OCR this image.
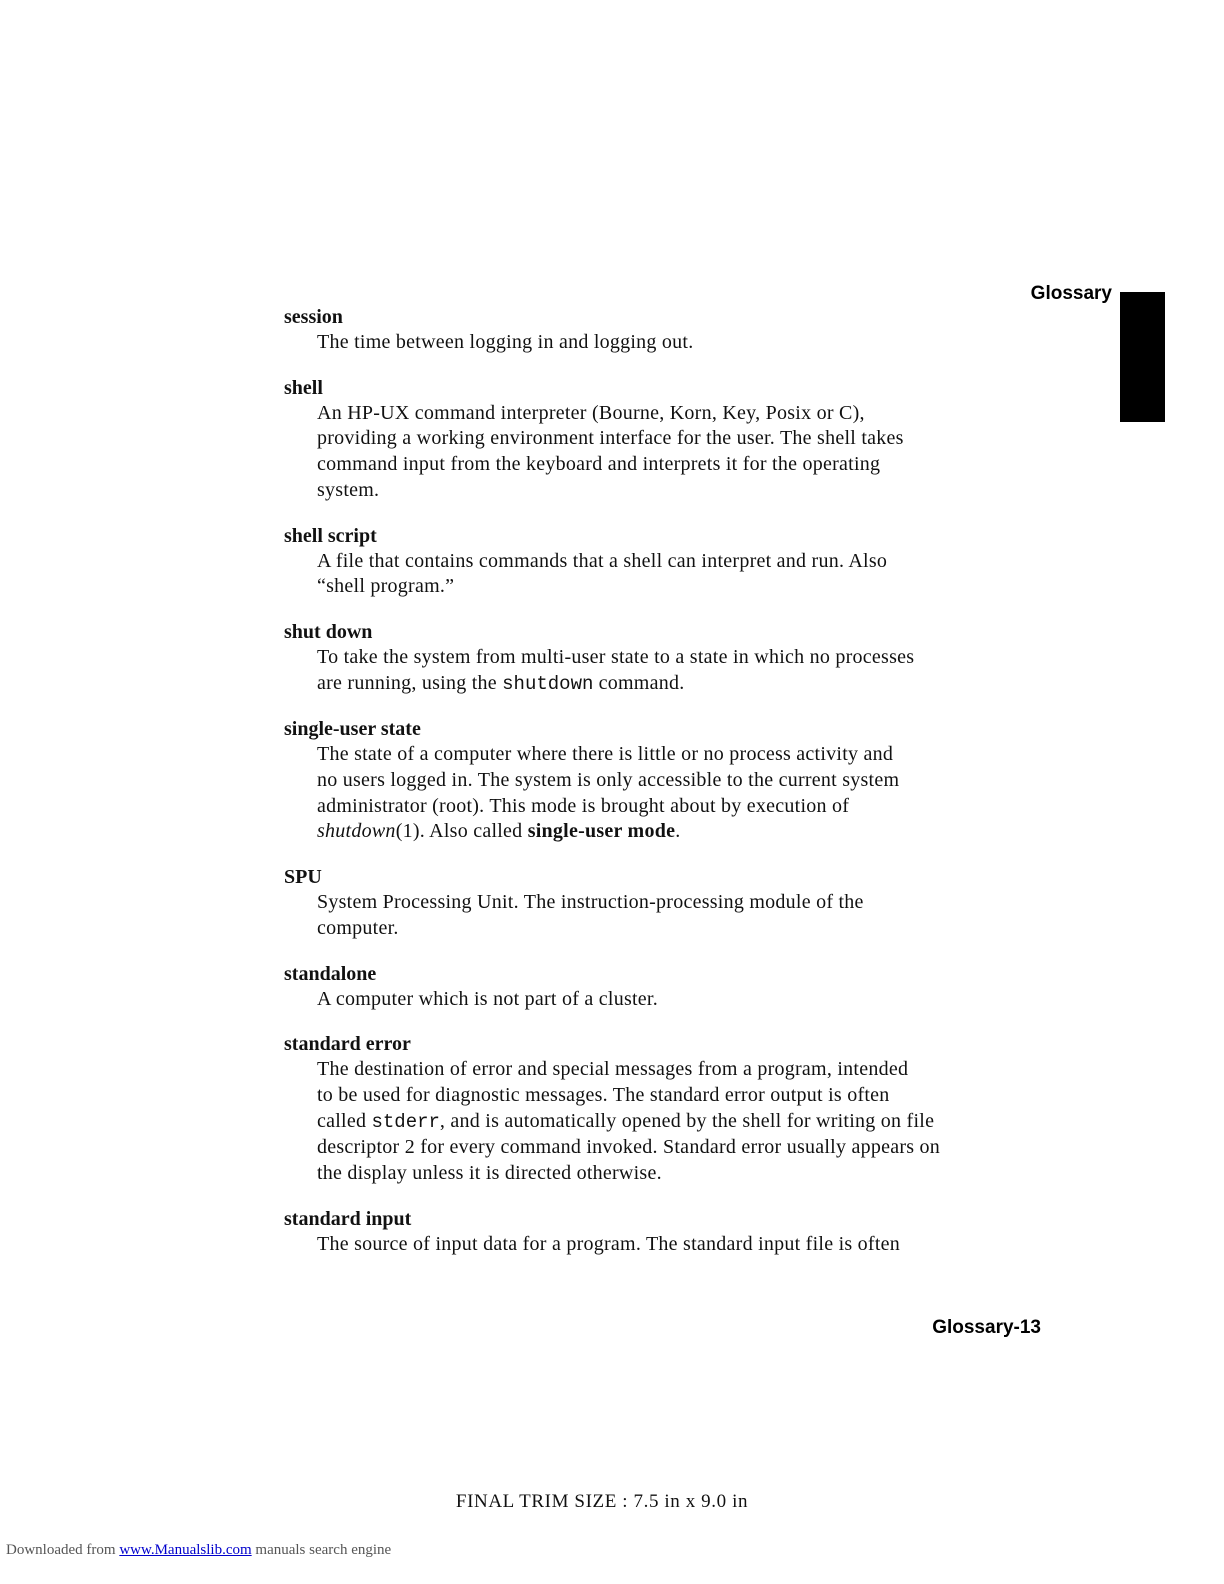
Glossary

session

The time between logging in and logging out.

shell

An HP-UX command interpreter (Bourne, Korn, Key, Posix or C),

providing a working environment interface for the user. The shell takes

command input from the keyboard and interprets it for the operating

system.

shell script

A file that contains commands that a shell can interpret and run. Also

“shell program.”

shut down

To take the system from multi-user state to a state in which no processes

are running, using the shutdown command.

single-user state

The state of a computer where there is little or no process activity and

no users logged in. The system is only accessible to the current system

administrator (root). This mode is brought about by execution of

shutdown(1). Also called single-user mode.

SPU

System Processing Unit. The instruction-processing module of the

computer.

standalone

A computer which is not part of a cluster.

standard error

The destination of error and special messages from a program, intended

to be used for diagnostic messages. The standard error output is often

called stderr, and is automatically opened by the shell for writing on file

descriptor 2 for every command invoked. Standard error usually appears on

the display unless it is directed otherwise.

standard input

The source of input data for a program. The standard input file is often

Glossary-13
FINAL TRIM SIZE : 7.5 in x 9.0 in
Downloaded from www.Manualslib.com manuals search engine
